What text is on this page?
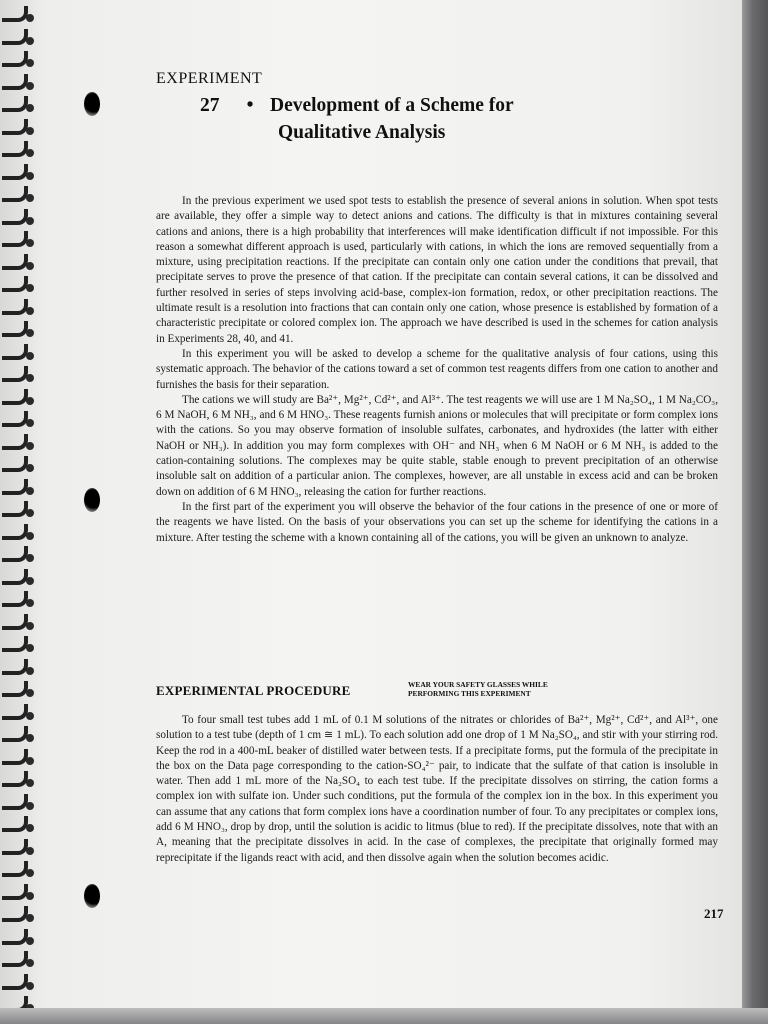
EXPERIMENT
27 • Development of a Scheme for
Qualitative Analysis

In the previous experiment we used spot tests to establish the presence of several anions in solution. When spot tests are available, they offer a simple way to detect anions and cations. The difficulty is that in mixtures containing several cations and anions, there is a high probability that interferences will make identification difficult if not impossible. For this reason a somewhat different approach is used, particularly with cations, in which the ions are removed sequentially from a mixture, using precipitation reactions. If the precipitate can contain only one cation under the conditions that prevail, that precipitate serves to prove the presence of that cation. If the precipitate can contain several cations, it can be dissolved and further resolved in series of steps involving acid-base, complex-ion formation, redox, or other precipitation reactions. The ultimate result is a resolution into fractions that can contain only one cation, whose presence is established by formation of a characteristic precipitate or colored complex ion. The approach we have described is used in the schemes for cation analysis in Experiments 28, 40, and 41.

In this experiment you will be asked to develop a scheme for the qualitative analysis of four cations, using this systematic approach. The behavior of the cations toward a set of common test reagents differs from one cation to another and furnishes the basis for their separation.

The cations we will study are Ba²⁺, Mg²⁺, Cd²⁺, and Al³⁺. The test reagents we will use are 1 M Na₂SO₄, 1 M Na₂CO₃, 6 M NaOH, 6 M NH₃, and 6 M HNO₃. These reagents furnish anions or molecules that will precipitate or form complex ions with the cations. So you may observe formation of insoluble sulfates, carbonates, and hydroxides (the latter with either NaOH or NH₃). In addition you may form complexes with OH⁻ and NH₃ when 6 M NaOH or 6 M NH₃ is added to the cation-containing solutions. The complexes may be quite stable, stable enough to prevent precipitation of an otherwise insoluble salt on addition of a particular anion. The complexes, however, are all unstable in excess acid and can be broken down on addition of 6 M HNO₃, releasing the cation for further reactions.

In the first part of the experiment you will observe the behavior of the four cations in the presence of one or more of the reagents we have listed. On the basis of your observations you can set up the scheme for identifying the cations in a mixture. After testing the scheme with a known containing all of the cations, you will be given an unknown to analyze.

EXPERIMENTAL PROCEDURE	WEAR YOUR SAFETY GLASSES WHILE
PERFORMING THIS EXPERIMENT

To four small test tubes add 1 mL of 0.1 M solutions of the nitrates or chlorides of Ba²⁺, Mg²⁺, Cd²⁺, and Al³⁺, one solution to a test tube (depth of 1 cm ≅ 1 mL). To each solution add one drop of 1 M Na₂SO₄, and stir with your stirring rod. Keep the rod in a 400-mL beaker of distilled water between tests. If a precipitate forms, put the formula of the precipitate in the box on the Data page corresponding to the cation-SO₄²⁻ pair, to indicate that the sulfate of that cation is insoluble in water. Then add 1 mL more of the Na₂SO₄ to each test tube. If the precipitate dissolves on stirring, the cation forms a complex ion with sulfate ion. Under such conditions, put the formula of the complex ion in the box. In this experiment you can assume that any cations that form complex ions have a coordination number of four. To any precipitates or complex ions, add 6 M HNO₃, drop by drop, until the solution is acidic to litmus (blue to red). If the precipitate dissolves, note that with an A, meaning that the precipitate dissolves in acid. In the case of complexes, the precipitate that originally formed may reprecipitate if the ligands react with acid, and then dissolve again when the solution becomes acidic.

217
